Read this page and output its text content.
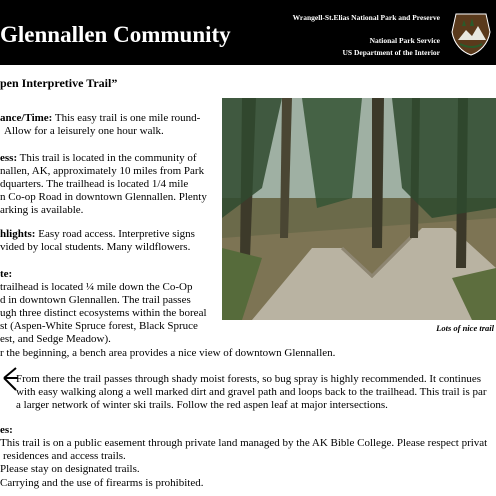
Glennallen Community
Wrangell-St.Elias National Park and Preserve
National Park Service
US Department of the Interior
pen Interpretive Trail”
ance/Time: This easy trail is one mile round-
Allow for a leisurely one hour walk.
ess: This trail is located in the community of
nallen, AK, approximately 10 miles from Park
dquarters. The trailhead is located 1/4 mile
n Co-op Road in downtown Glennallen. Plenty
arking is available.
hlights: Easy road access. Interpretive signs
vided by local students. Many wildflowers.
te:
trailhead is located ¼ mile down the Co-Op
d in downtown Glennallen. The trail passes
ugh three distinct ecosystems within the boreal
st (Aspen-White Spruce forest, Black Spruce
est, and Sedge Meadow).
Lots of nice trail
r the beginning, a bench area provides a nice view of downtown Glennallen.
From there the trail passes through shady moist forests, so bug spray is highly recommended. It continues
with easy walking along a well marked dirt and gravel path and loops back to the trailhead. This trail is par
a larger network of winter ski trails. Follow the red aspen leaf at major intersections.
es:
This trail is on a public easement through private land managed by the AK Bible College. Please respect privat
residences and access trails.
Please stay on designated trails.
Carrying and the use of firearms is prohibited.
